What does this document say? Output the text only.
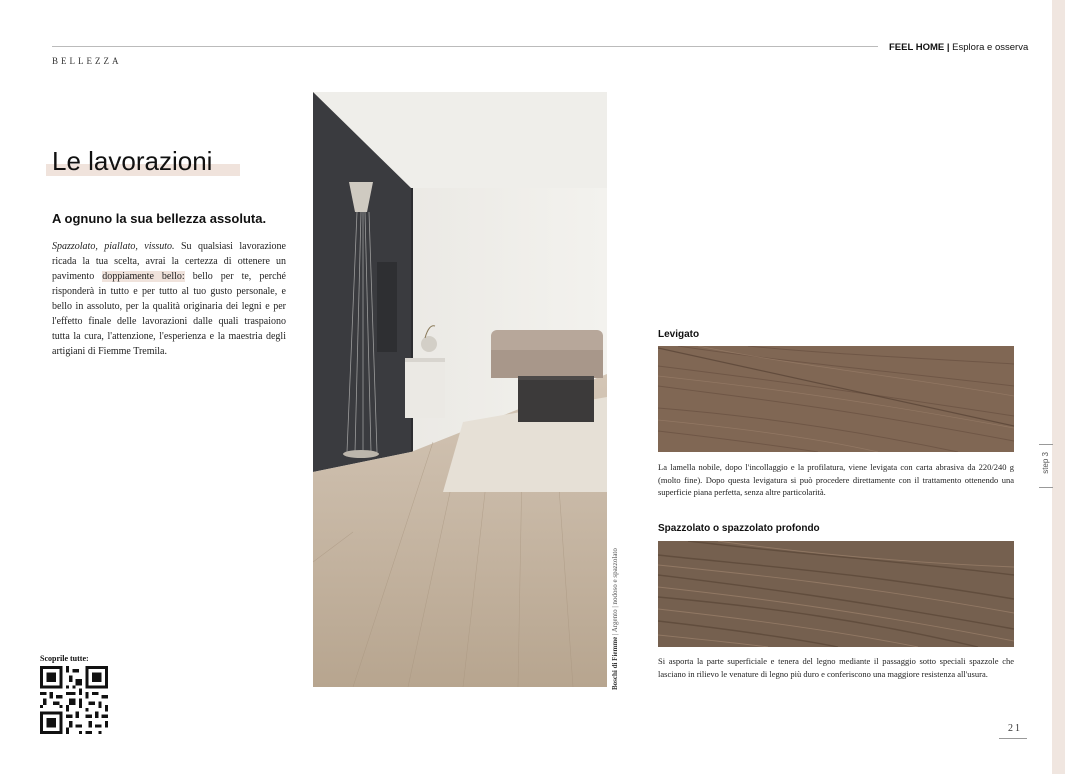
BELLEZZA
FEEL HOME | Esplora e osserva
step 3
Le lavorazioni
A ognuno la sua bellezza assoluta.

Spazzolato, piallato, vissuto. Su qualsiasi lavorazione ricada la tua scelta, avrai la certezza di ottenere un pavimento doppiamente bello: bello per te, perché risponderà in tutto e per tutto al tuo gusto personale, e bello in assoluto, per la qualità originaria dei legni e per l'effetto finale delle lavorazioni dalle quali traspaiono tutta la cura, l'attenzione, l'esperienza e la maestria degli artigiani di Fiemme Tremila.

Scoprile tutte:	Boschi di Fiemme | Argento | nodoso e spazzolato
Levigato

La lamella nobile, dopo l'incollaggio e la profilatura, viene levigata con carta abrasiva da 220/240 g (molto fine). Dopo questa levigatura si può procedere direttamente con il trattamento ottenendo una superficie piana perfetta, senza altre particolarità.

Spazzolato o spazzolato profondo

Si asporta la parte superficiale e tenera del legno mediante il passaggio sotto speciali spazzole che lasciano in rilievo le venature di legno più duro e conferiscono una maggiore resistenza all'usura.

21
